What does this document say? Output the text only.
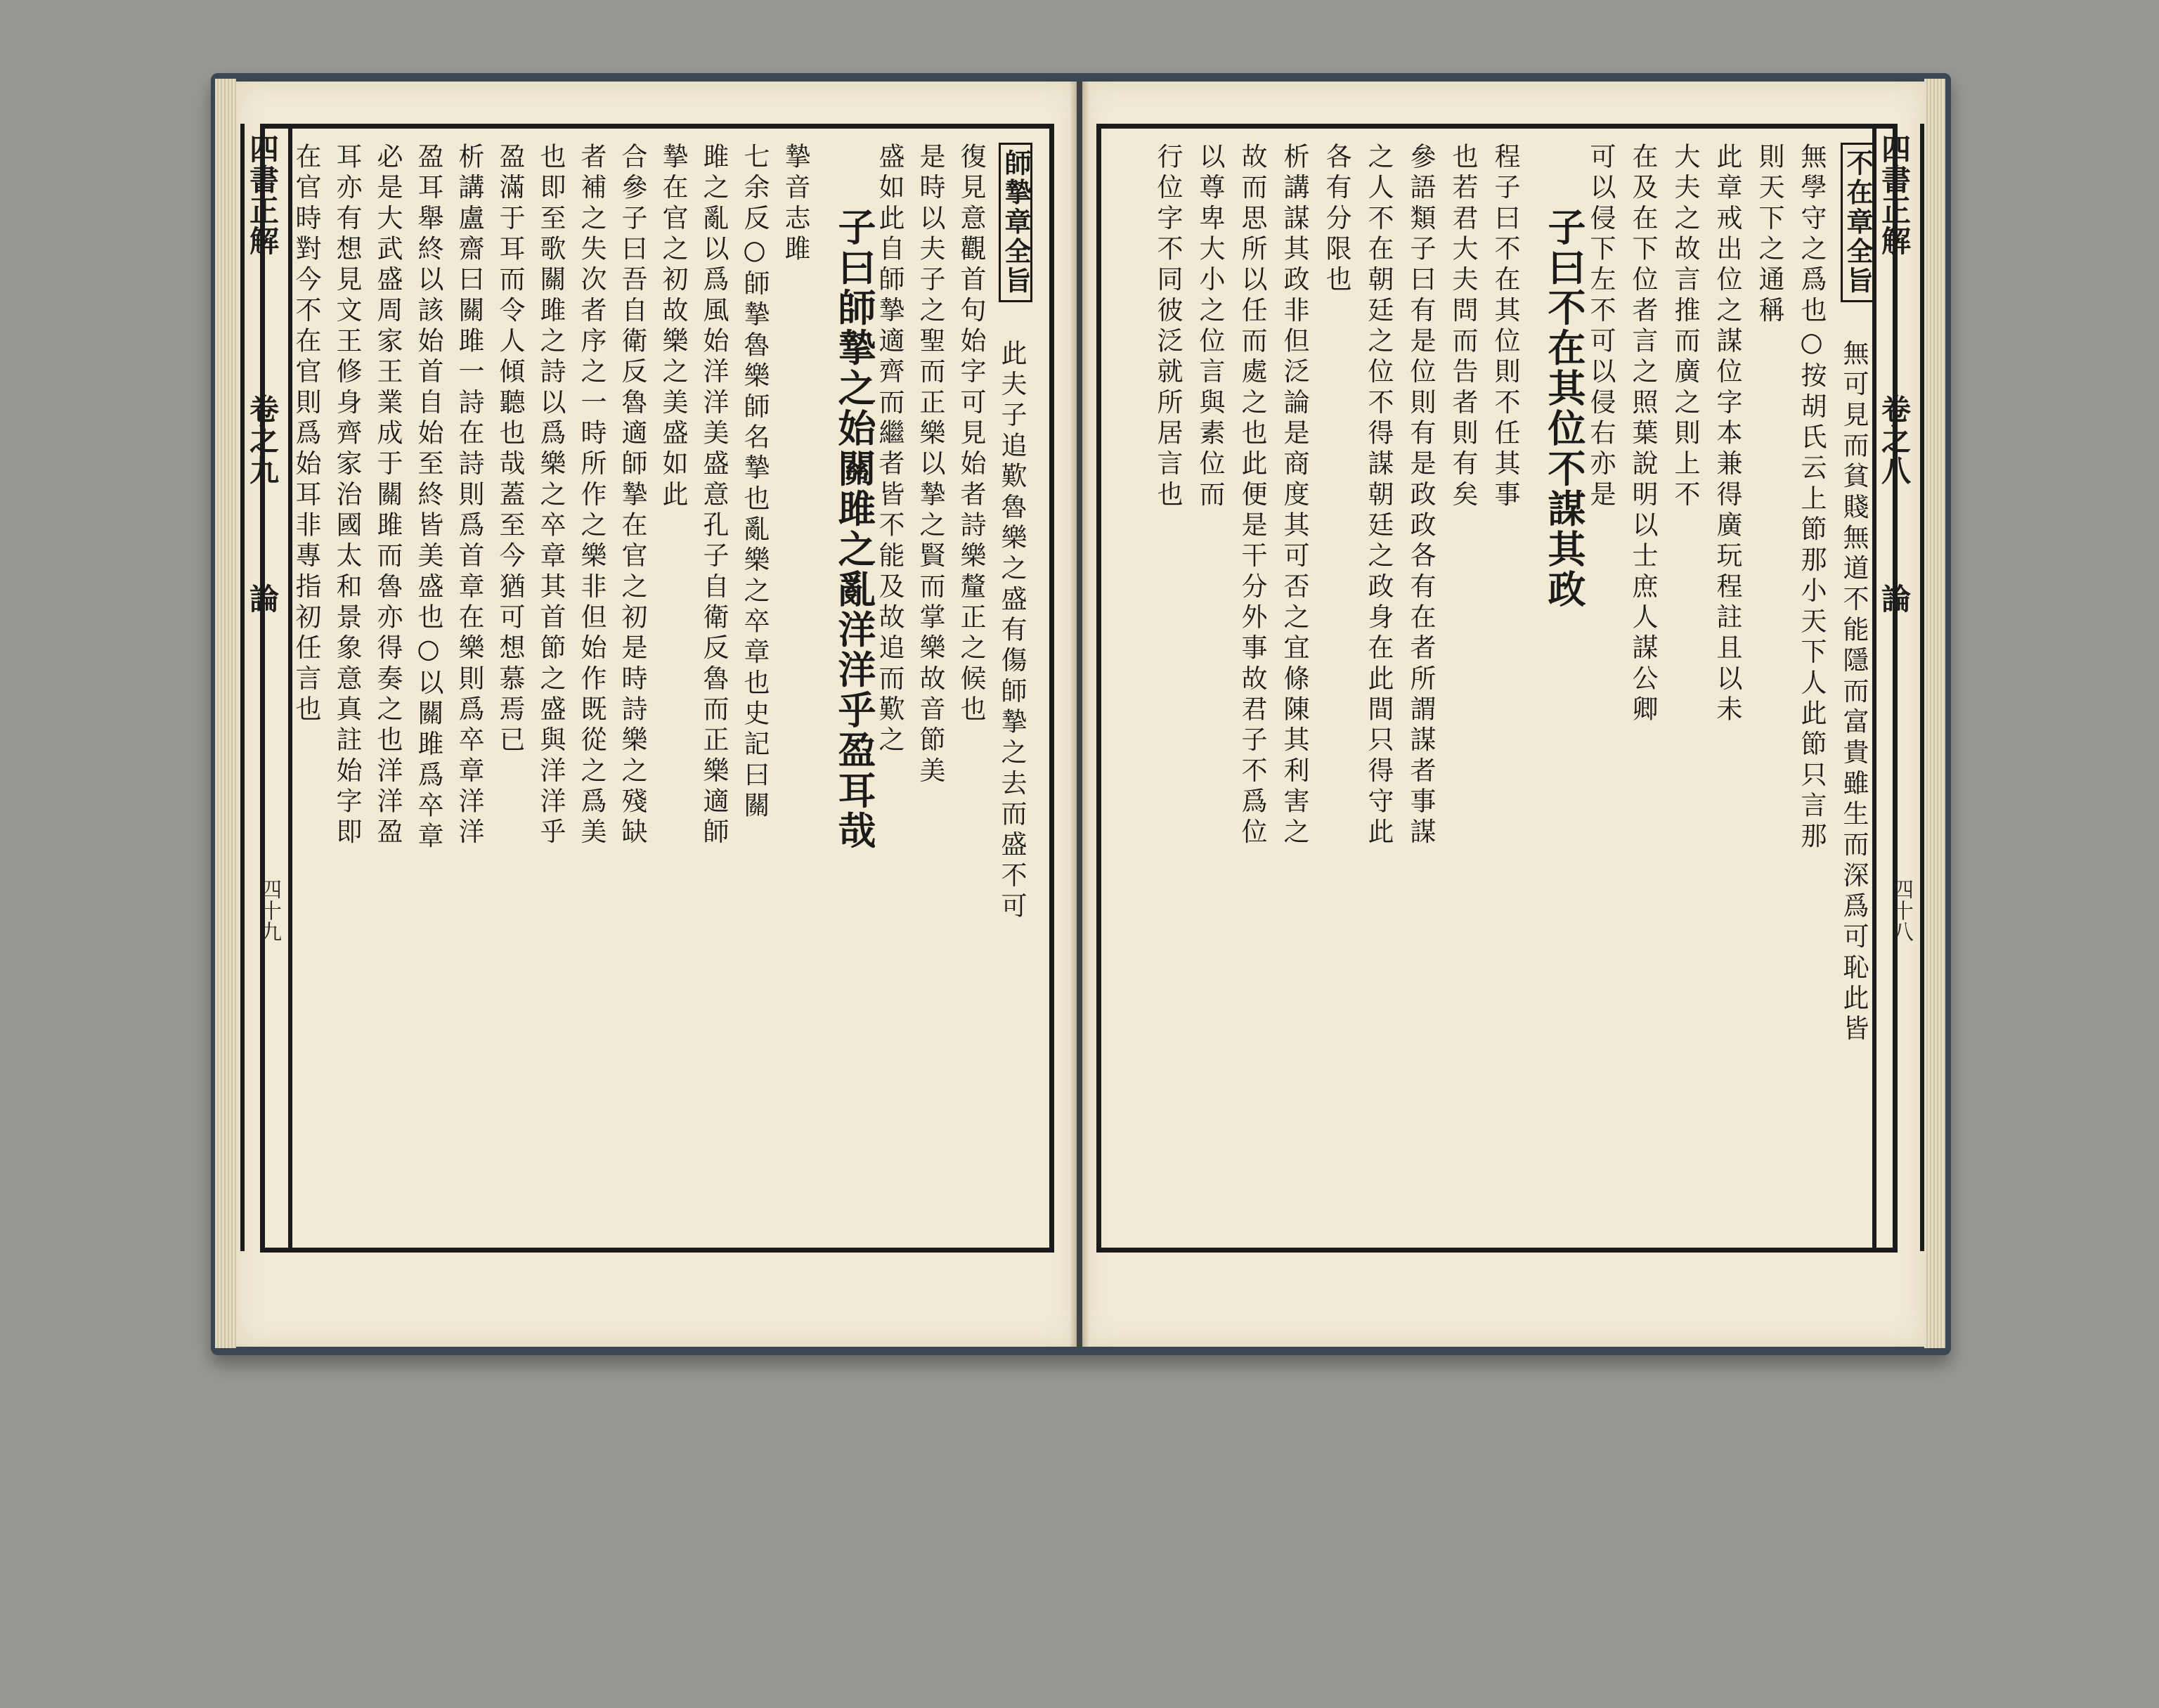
四書正解
卷之九
論
四十九
師摯章全旨
此夫子追歎魯樂之盛有傷師摯之去而盛不可
復見意觀首句始字可見始者詩樂釐正之候也
是時以夫子之聖而正樂以摯之賢而掌樂故音節美
盛如此自師摯適齊而繼者皆不能及故追而歎之
子曰師摯之始關雎之亂洋洋乎盈耳哉
摯音志雎
七余反○師摯魯樂師名摯也亂樂之卒章也史記曰關
雎之亂以爲風始洋洋美盛意孔子自衛反魯而正樂適師
摯在官之初故樂之美盛如此
合參子曰吾自衛反魯適師摯在官之初是時詩樂之殘缺
者補之失次者序之一時所作之樂非但始作既從之爲美
也即至歌關雎之詩以爲樂之卒章其首節之盛與洋洋乎
盈滿于耳而令人傾聽也哉蓋至今猶可想慕焉已
析講盧齋曰關雎一詩在詩則爲首章在樂則爲卒章洋洋
盈耳舉終以該始首自始至終皆美盛也○以關雎爲卒章
必是大武盛周家王業成于關雎而魯亦得奏之也洋洋盈
耳亦有想見文王修身齊家治國太和景象意真註始字即
在官時對今不在官則爲始耳非專指初任言也	四書正解
卷之八
論
四十八
不在章全旨
無可見而貧賤無道不能隱而富貴雖生而深爲可恥此皆
無學守之爲也○按胡氏云上節那小天下人此節只言那
則天下之通稱
此章戒出位之謀位字本兼得廣玩程註且以未
大夫之故言推而廣之則上不
在及在下位者言之照葉說明以士庶人謀公卿
可以侵下左不可以侵右亦是
子曰不在其位不謀其政
程子曰不在其位則不任其事
也若君大夫問而告者則有矣
參語類子曰有是位則有是政政各有在者所謂謀者事謀
之人不在朝廷之位不得謀朝廷之政身在此間只得守此
各有分限也
析講謀其政非但泛論是商度其可否之宜條陳其利害之
故而思所以任而處之也此便是干分外事故君子不爲位
以尊卑大小之位言與素位而
行位字不同彼泛就所居言也
